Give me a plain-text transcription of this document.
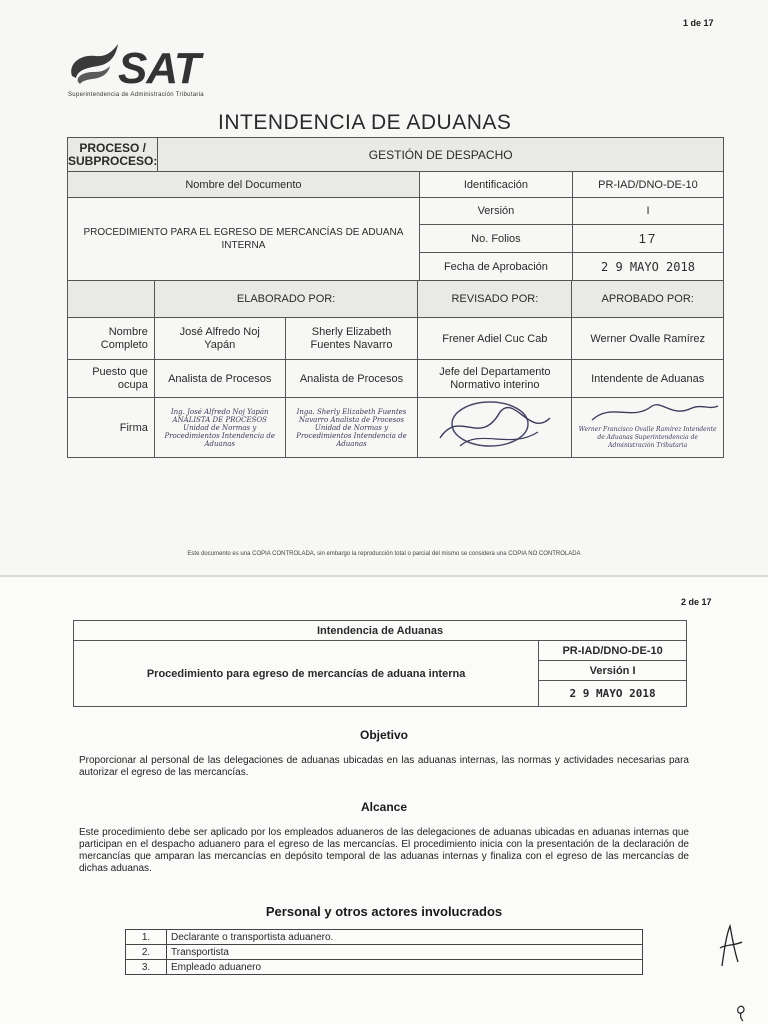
1 de 17
SAT
Superintendencia de Administración Tributaria
INTENDENCIA DE ADUANAS
PROCESO / SUBPROCESO:	GESTIÓN DE DESPACHO		
Nombre del Documento		Identificación	PR-IAD/DNO-DE-10
PROCEDIMIENTO PARA EL EGRESO DE MERCANCÍAS DE ADUANA INTERNA		Versión	I
		No. Folios	17
		Fecha de Aprobación	2 9 MAYO 2018
	ELABORADO POR:		REVISADO POR:	APROBADO POR:
Nombre Completo	José Alfredo Noj Yapán	Sherly Elizabeth Fuentes Navarro	Frener Adiel Cuc Cab	Werner Ovalle Ramírez
Puesto que ocupa	Analista de Procesos	Analista de Procesos	Jefe del Departamento Normativo interino	Intendente de Aduanas
Firma	Ing. José Alfredo Noj Yapán ANALISTA DE PROCESOS Unidad de Normas y Procedimientos Intendencia de Aduanas	Inga. Sherly Elizabeth Fuentes Navarro Analista de Procesos Unidad de Normas y Procedimientos Intendencia de Aduanas		Werner Francisco Ovalle Ramírez Intendente de Aduanas Superintendencia de Administración Tributaria
Este documento es una COPIA CONTROLADA, sin embargo la reproducción total o parcial del mismo se considera una COPIA NO CONTROLADA
2 de 17
Intendencia de Aduanas
Procedimiento para egreso de mercancías de aduana interna	PR-IAD/DNO-DE-10
Versión I
2 9 MAYO 2018
Objetivo
Proporcionar al personal de las delegaciones de aduanas ubicadas en las aduanas internas, las normas y actividades necesarias para autorizar el egreso de las mercancías.
Alcance
Este procedimiento debe ser aplicado por los empleados aduaneros de las delegaciones de aduanas ubicadas en aduanas internas que participan en el despacho aduanero para el egreso de las mercancías. El procedimiento inicia con la presentación de la declaración de mercancías que amparan las mercancías en depósito temporal de las aduanas internas y finaliza con el egreso de las mercancías de dichas aduanas.
Personal y otros actores involucrados
1.	Declarante o transportista aduanero.
2.	Transportista
3.	Empleado aduanero
